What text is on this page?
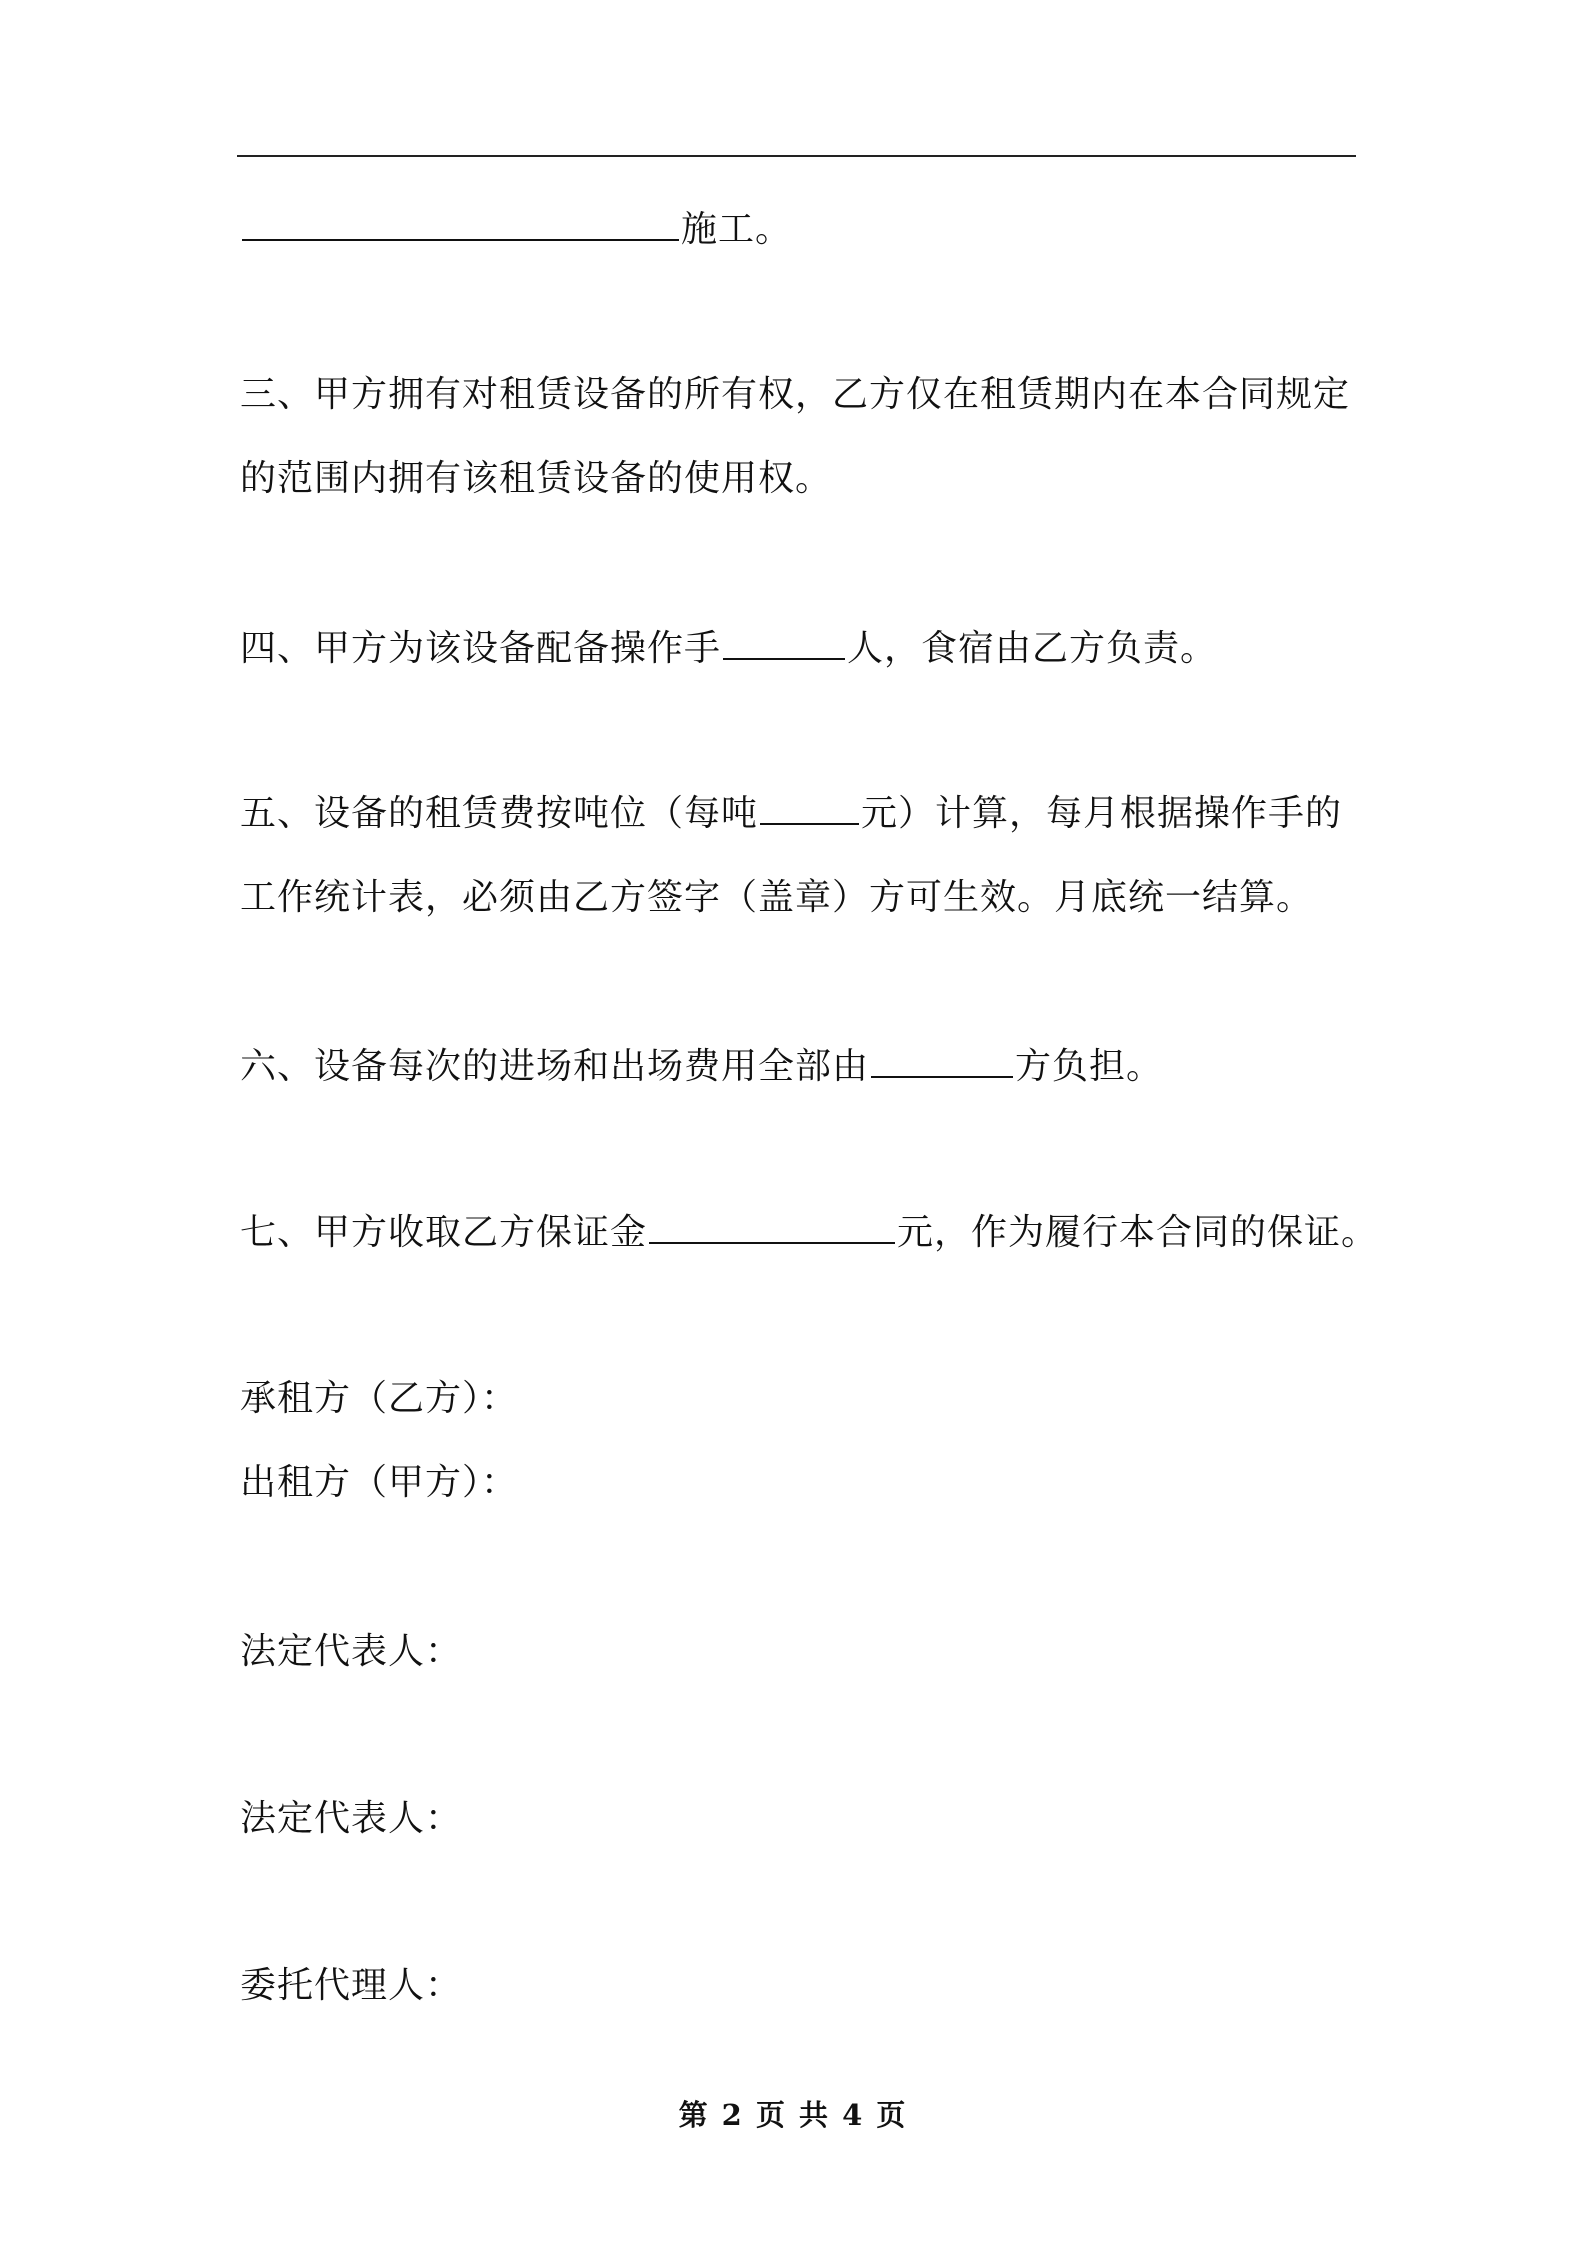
施工。
三、甲方拥有对租赁设备的所有权，乙方仅在租赁期内在本合同规定
的范围内拥有该租赁设备的使用权。
四、甲方为该设备配备操作手	人，食宿由乙方负责。
五、设备的租赁费按吨位（每吨	元）计算，每月根据操作手的
工作统计表，必须由乙方签字（盖章）方可生效。月底统一结算。
六、设备每次的进场和出场费用全部由	方负担。
七、甲方收取乙方保证金	元，作为履行本合同的保证。
承租方（乙方）：
出租方（甲方）：
法定代表人：
法定代表人：
委托代理人：
第 2 页 共 4 页
